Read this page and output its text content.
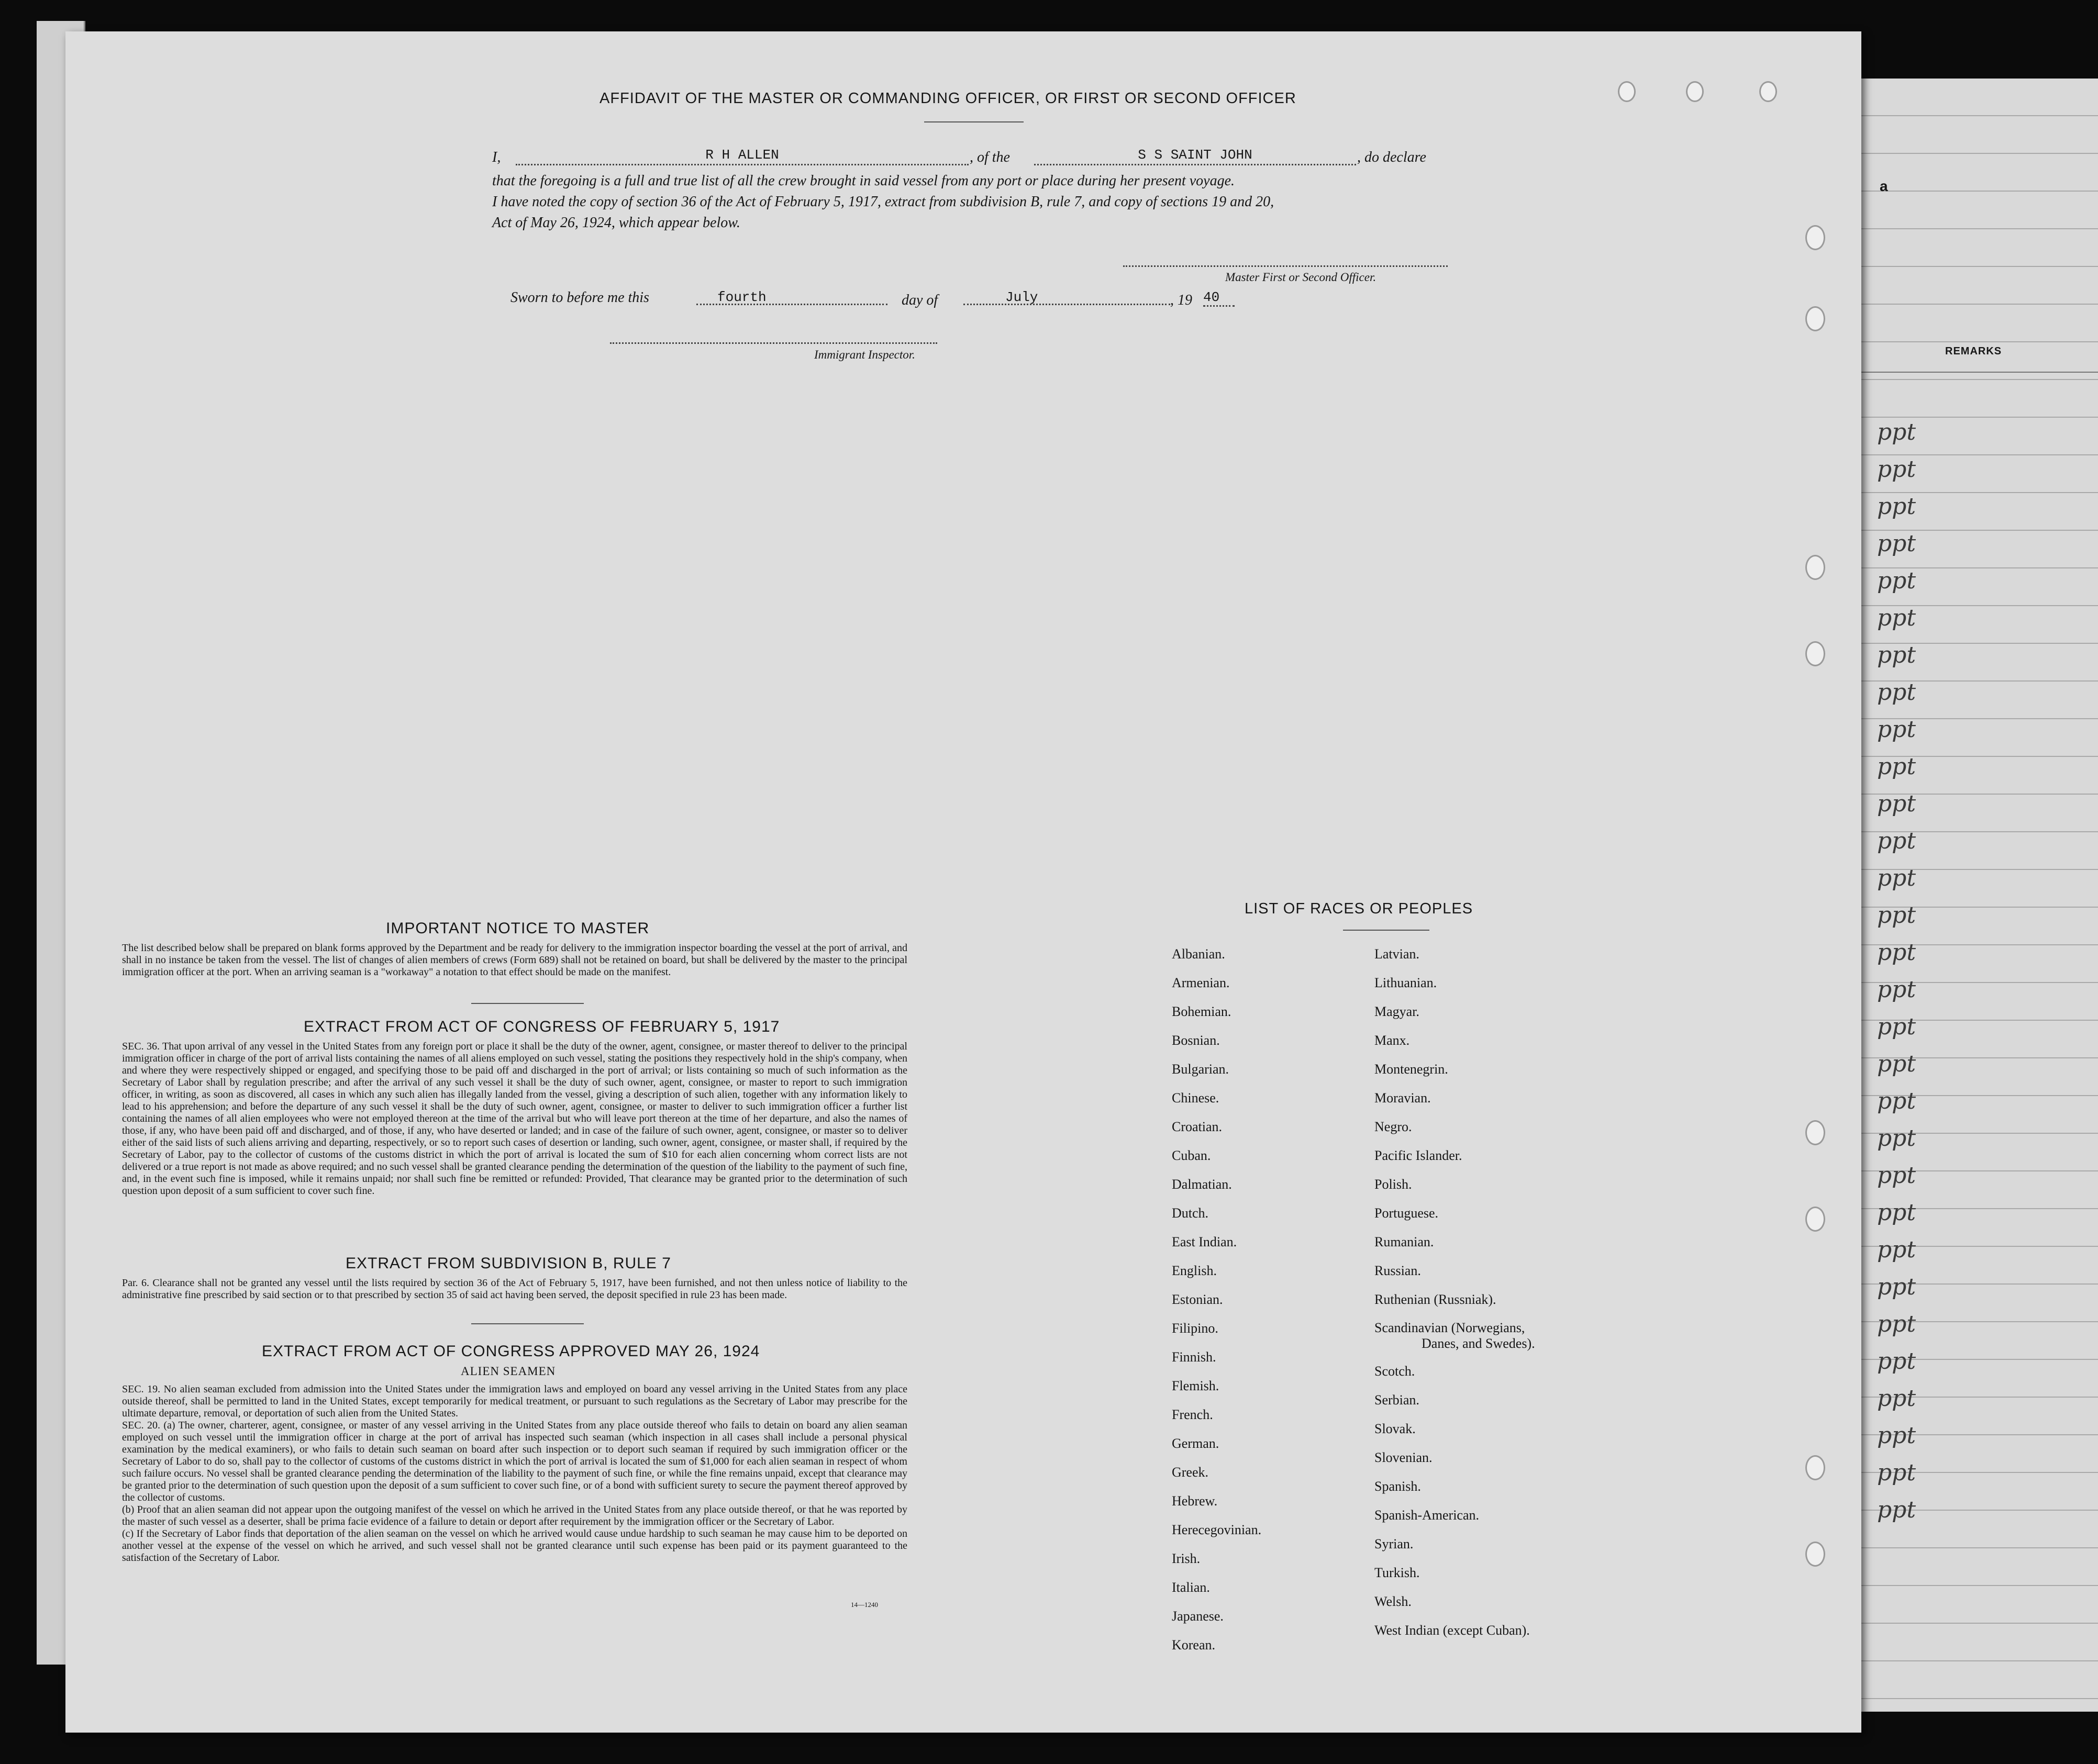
a
REMARKS
AFFIDAVIT OF THE MASTER OR COMMANDING OFFICER, OR FIRST OR SECOND OFFICER
I,	R H ALLEN	, of the	S S SAINT JOHN	, do declare
that the foregoing is a full and true list of all the crew brought in said vessel from any port or place during her present voyage.
I have noted the copy of section 36 of the Act of February 5, 1917, extract from subdivision B, rule 7, and copy of sections 19 and 20,
Act of May 26, 1924, which appear below.
Master First or Second Officer.
Sworn to before me this	fourth	day of	July	, 19 40
Immigrant Inspector.
IMPORTANT NOTICE TO MASTER

The list described below shall be prepared on blank forms approved by the Department and be ready for delivery to the immigration inspector boarding the vessel at the port of arrival, and shall in no instance be taken from the vessel. The list of changes of alien members of crews (Form 689) shall not be retained on board, but shall be delivered by the master to the principal immigration officer at the port. When an arriving seaman is a "workaway" a notation to that effect should be made on the manifest.

EXTRACT FROM ACT OF CONGRESS OF FEBRUARY 5, 1917

SEC. 36. That upon arrival of any vessel in the United States from any foreign port or place it shall be the duty of the owner, agent, consignee, or master thereof to deliver to the principal immigration officer in charge of the port of arrival lists containing the names of all aliens employed on such vessel, stating the positions they respectively hold in the ship's company, when and where they were respectively shipped or engaged, and specifying those to be paid off and discharged in the port of arrival; or lists containing so much of such information as the Secretary of Labor shall by regulation prescribe; and after the arrival of any such vessel it shall be the duty of such owner, agent, consignee, or master to report to such immigration officer, in writing, as soon as discovered, all cases in which any such alien has illegally landed from the vessel, giving a description of such alien, together with any information likely to lead to his apprehension; and before the departure of any such vessel it shall be the duty of such owner, agent, consignee, or master to deliver to such immigration officer a further list containing the names of all alien employees who were not employed thereon at the time of the arrival but who will leave port thereon at the time of her departure, and also the names of those, if any, who have been paid off and discharged, and of those, if any, who have deserted or landed; and in case of the failure of such owner, agent, consignee, or master so to deliver either of the said lists of such aliens arriving and departing, respectively, or so to report such cases of desertion or landing, such owner, agent, consignee, or master shall, if required by the Secretary of Labor, pay to the collector of customs of the customs district in which the port of arrival is located the sum of $10 for each alien concerning whom correct lists are not delivered or a true report is not made as above required; and no such vessel shall be granted clearance pending the determination of the question of the liability to the payment of such fine, and, in the event such fine is imposed, while it remains unpaid; nor shall such fine be remitted or refunded: Provided, That clearance may be granted prior to the determination of such question upon deposit of a sum sufficient to cover such fine.

EXTRACT FROM SUBDIVISION B, RULE 7

Par. 6. Clearance shall not be granted any vessel until the lists required by section 36 of the Act of February 5, 1917, have been furnished, and not then unless notice of liability to the administrative fine prescribed by said section or to that prescribed by section 35 of said act having been served, the deposit specified in rule 23 has been made.

EXTRACT FROM ACT OF CONGRESS APPROVED MAY 26, 1924
ALIEN SEAMEN

SEC. 19. No alien seaman excluded from admission into the United States under the immigration laws and employed on board any vessel arriving in the United States from any place outside thereof, shall be permitted to land in the United States, except temporarily for medical treatment, or pursuant to such regulations as the Secretary of Labor may prescribe for the ultimate departure, removal, or deportation of such alien from the United States.

SEC. 20. (a) The owner, charterer, agent, consignee, or master of any vessel arriving in the United States from any place outside thereof who fails to detain on board any alien seaman employed on such vessel until the immigration officer in charge at the port of arrival has inspected such seaman (which inspection in all cases shall include a personal physical examination by the medical examiners), or who fails to detain such seaman on board after such inspection or to deport such seaman if required by such immigration officer or the Secretary of Labor to do so, shall pay to the collector of customs of the customs district in which the port of arrival is located the sum of $1,000 for each alien seaman in respect of whom such failure occurs. No vessel shall be granted clearance pending the determination of the liability to the payment of such fine, or while the fine remains unpaid, except that clearance may be granted prior to the determination of such question upon the deposit of a sum sufficient to cover such fine, or of a bond with sufficient surety to secure the payment thereof approved by the collector of customs.

(b) Proof that an alien seaman did not appear upon the outgoing manifest of the vessel on which he arrived in the United States from any place outside thereof, or that he was reported by the master of such vessel as a deserter, shall be prima facie evidence of a failure to detain or deport after requirement by the immigration officer or the Secretary of Labor.

(c) If the Secretary of Labor finds that deportation of the alien seaman on the vessel on which he arrived would cause undue hardship to such seaman he may cause him to be deported on another vessel at the expense of the vessel on which he arrived, and such vessel shall not be granted clearance until such expense has been paid or its payment guaranteed to the satisfaction of the Secretary of Labor.

14—1240
LIST OF RACES OR PEOPLES
Albanian.
Armenian.
Bohemian.
Bosnian.
Bulgarian.
Chinese.
Croatian.
Cuban.
Dalmatian.
Dutch.
East Indian.
English.
Estonian.
Filipino.
Finnish.
Flemish.
French.
German.
Greek.
Hebrew.
Herecegovinian.
Irish.
Italian.
Japanese.
Korean.
Latvian.
Lithuanian.
Magyar.
Manx.
Montenegrin.
Moravian.
Negro.
Pacific Islander.
Polish.
Portuguese.
Rumanian.
Russian.
Ruthenian (Russniak).
Scandinavian (Norwegians,
Danes, and Swedes).
Scotch.
Serbian.
Slovak.
Slovenian.
Spanish.
Spanish-American.
Syrian.
Turkish.
Welsh.
West Indian (except Cuban).
ppt
ppt
ppt
ppt
ppt
ppt
ppt
ppt
ppt
ppt
ppt
ppt
ppt
ppt
ppt
ppt
ppt
ppt
ppt
ppt
ppt
ppt
ppt
ppt
ppt
ppt
ppt
ppt
ppt
ppt
